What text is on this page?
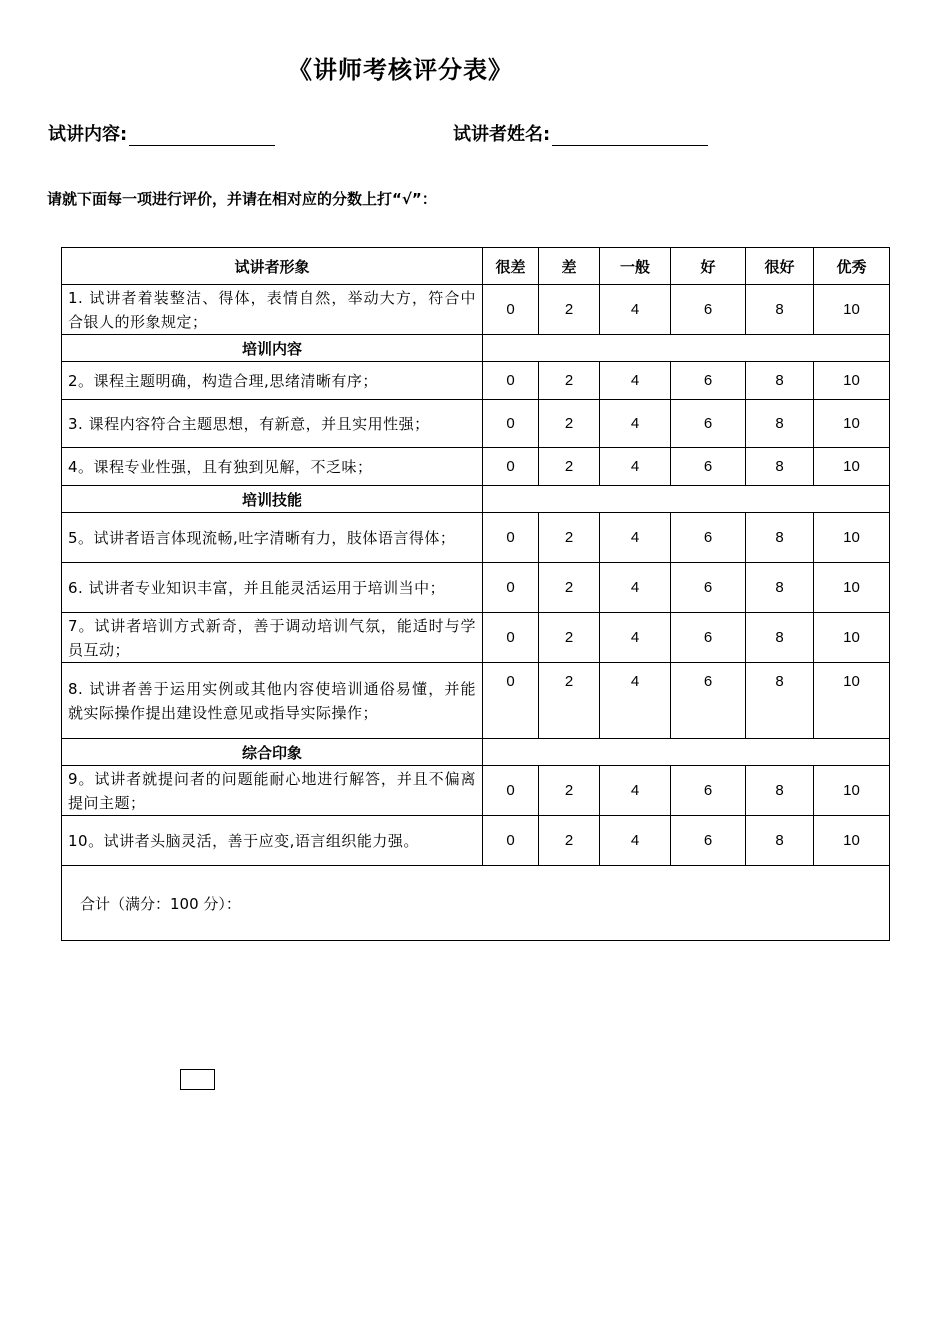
《讲师考核评分表》
试讲内容:	试讲者姓名:
请就下面每一项进行评价，并请在相对应的分数上打“√”：
试讲者形象	很差	差	一般	好	很好	优秀
1. 试讲者着装整洁、得体，表情自然，举动大方，符合中合银人的形象规定；	0	2	4	6	8	10
培训内容						
2。课程主题明确，构造合理,思绪清晰有序；	0	2	4	6	8	10
3. 课程内容符合主题思想，有新意，并且实用性强；	0	2	4	6	8	10
4。课程专业性强，且有独到见解，不乏味；	0	2	4	6	8	10
培训技能						
5。试讲者语言体现流畅,吐字清晰有力，肢体语言得体；	0	2	4	6	8	10
6. 试讲者专业知识丰富，并且能灵活运用于培训当中；	0	2	4	6	8	10
7。试讲者培训方式新奇，善于调动培训气氛，能适时与学员互动；	0	2	4	6	8	10
8. 试讲者善于运用实例或其他内容使培训通俗易懂，并能就实际操作提出建设性意见或指导实际操作；	0	2	4	6	8	10
综合印象						
9。试讲者就提问者的问题能耐心地进行解答，并且不偏离提问主题；	0	2	4	6	8	10
10。试讲者头脑灵活，善于应变,语言组织能力强。	0	2	4	6	8	10
合计（满分：100 分）：						
